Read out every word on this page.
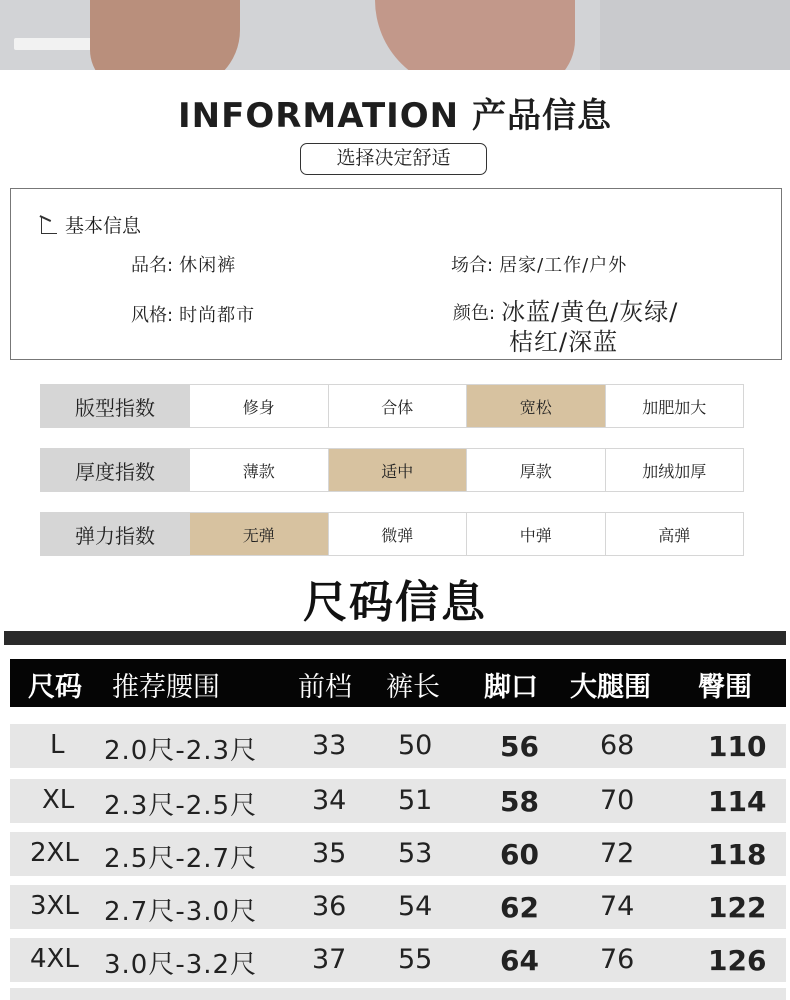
INFORMATION 产品信息
选择决定舒适
基本信息
品名: 休闲裤	场合: 居家/工作/户外
风格: 时尚都市	颜色: 冰蓝/黄色/灰绿/
桔红/深蓝
版型指数	修身	合体	宽松	加肥加大
厚度指数	薄款	适中	厚款	加绒加厚
弹力指数	无弹	微弹	中弹	高弹
尺码信息
尺码 推荐腰围	前档 裤长 脚口 大腿围 臀围
L 2.0尺-2.3尺 33 50 56 68	110
XL 2.3尺-2.5尺 34 51 58 70	114
2XL 2.5尺-2.7尺 35 53 60 72	118
3XL 2.7尺-3.0尺 36 54 62 74	122
4XL 3.0尺-3.2尺 37 55 64 76	126
